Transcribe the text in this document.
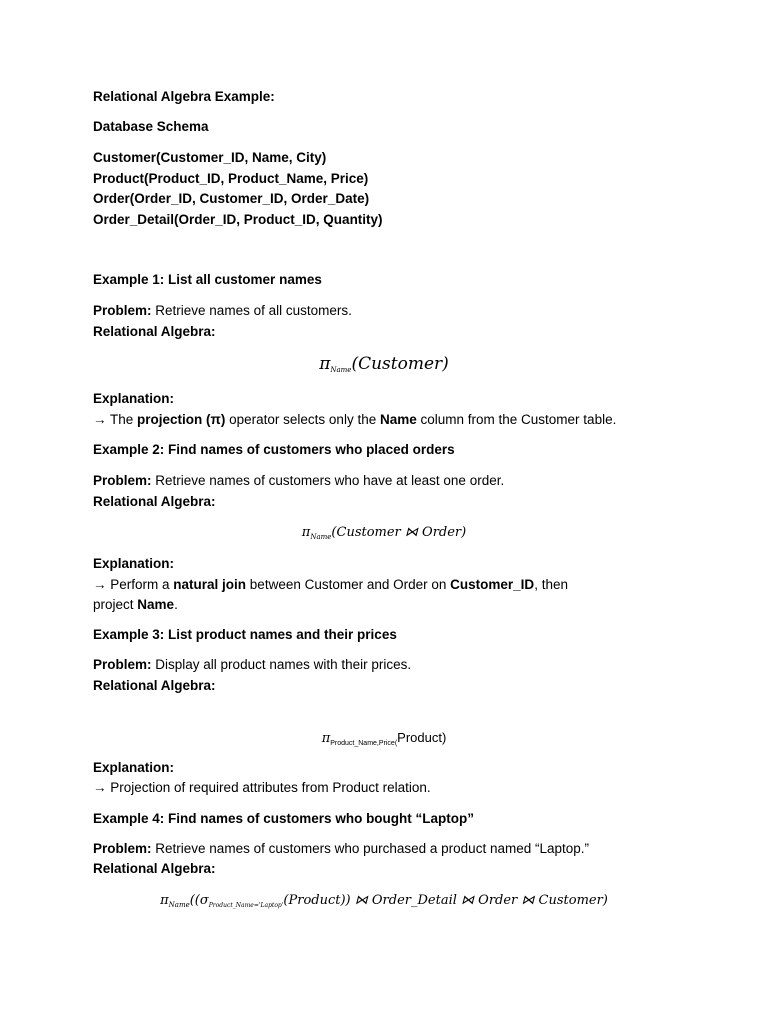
Relational Algebra Example:
Database Schema
Customer(Customer_ID, Name, City)
Product(Product_ID, Product_Name, Price)
Order(Order_ID, Customer_ID, Order_Date)
Order_Detail(Order_ID, Product_ID, Quantity)
Example 1: List all customer names
Problem: Retrieve names of all customers.
Relational Algebra:
$\pi_{Name}(Customer)$
Explanation:
→ The projection (π) operator selects only the Name column from the Customer table.
Example 2: Find names of customers who placed orders
Problem: Retrieve names of customers who have at least one order.
Relational Algebra:
$\pi_{Name}(Customer$ ⋈ Order)
Explanation:
→ Perform a natural join between Customer and Order on Customer_ID, then
project Name.
Example 3: List product names and their prices
Problem: Display all product names with their prices.
Relational Algebra:
$\pi_{Product\_Name,Price(}Product$)
Explanation:
→ Projection of required attributes from Product relation.
Example 4: Find names of customers who bought “Laptop”
Problem: Retrieve names of customers who purchased a product named “Laptop.”
Relational Algebra:
$\pi_{Name}((\sigma_{Product\_Name='Laptop'}(Product))$ ⋈ Order_Detail ⋈ Order ⋈ Customer)
